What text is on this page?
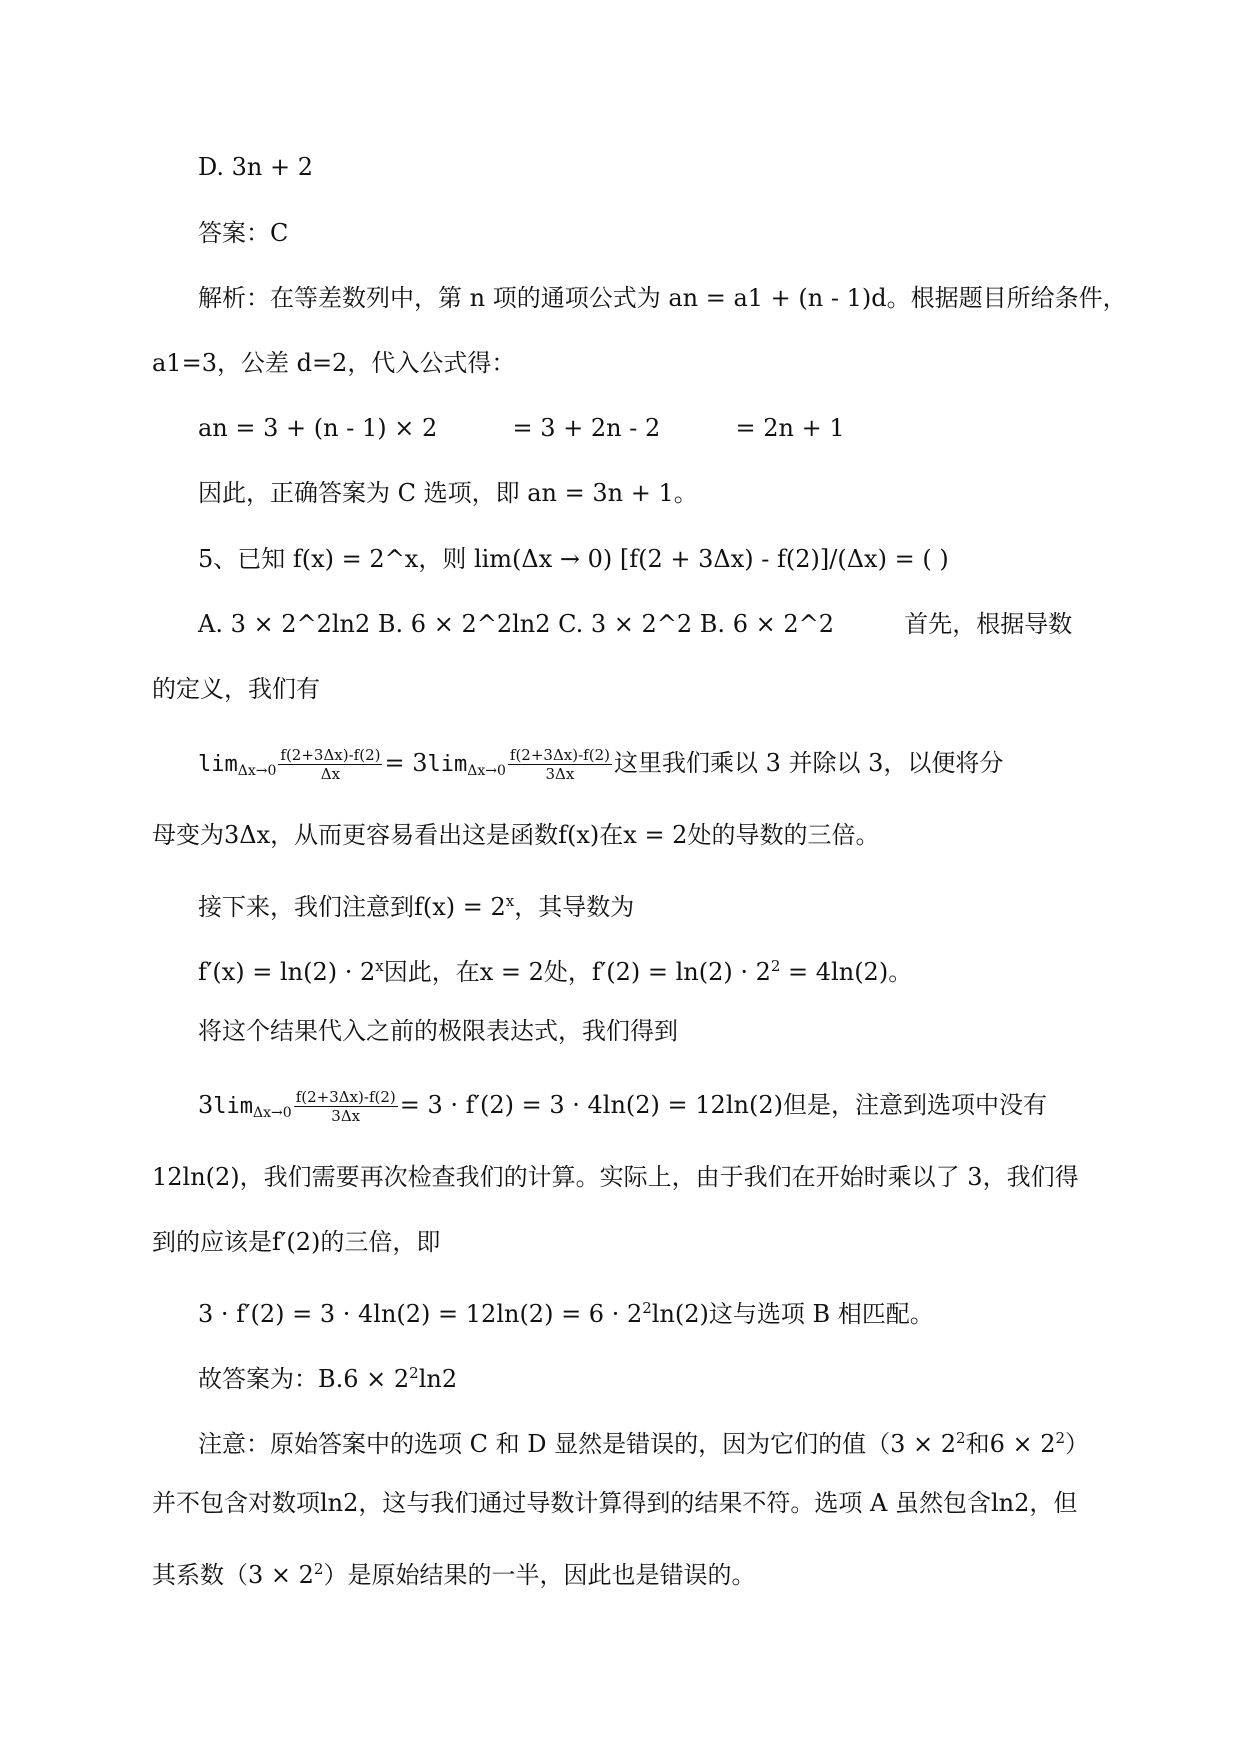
D. 3n + 2
答案：C
解析：在等差数列中，第 n 项的通项公式为 an = a1 + (n - 1)d。根据题目所给条件，
a1=3，公差 d=2，代入公式得：
an = 3 + (n - 1) × 2	= 3 + 2n - 2	= 2n + 1
因此，正确答案为 C 选项，即 an = 3n + 1。
5、已知 f(x) = 2^x，则 lim(Δx → 0) [f(2 + 3Δx) - f(2)]/(Δx) = ( )
A. 3 × 2^2ln2 B. 6 × 2^2ln2 C. 3 × 2^2 B. 6 × 2^2	首先，根据导数
的定义，我们有
$\lim_{\Delta x\to 0} \frac{f(2+3\Delta x)-f(2)}{\Delta x} = 3\lim_{\Delta x\to 0} \frac{f(2+3\Delta x)-f(2)}{3\Delta x}$ 这里我们乘以 3 并除以 3，以便将分
母变为3Δx，从而更容易看出这是函数f(x)在x = 2处的导数的三倍。
接下来，我们注意到$f(x) = 2^x$，其导数为
$f'(x) = \ln(2) \cdot 2^x$因此，在x = 2处，$f'(2) = \ln(2) \cdot 2^2 = 4\ln(2)$。
将这个结果代入之前的极限表达式，我们得到
$3\lim_{\Delta x\to 0} \frac{f(2+3\Delta x)-f(2)}{3\Delta x} = 3 \cdot f'(2) = 3 \cdot 4\ln(2) = 12\ln(2)$但是，注意到选项中没有
12ln(2)，我们需要再次检查我们的计算。实际上，由于我们在开始时乘以了 3，我们得
到的应该是f′(2)的三倍，即
$3 \cdot f'(2) = 3 \cdot 4\ln(2) = 12\ln(2) = 6 \cdot 2^2\ln(2)$这与选项 B 相匹配。
故答案为：$B.6 \times 2^2\ln 2$
注意：原始答案中的选项 C 和 D 显然是错误的，因为它们的值（$3 \times 2^2$和$6 \times 2^2$）
并不包含对数项ln2，这与我们通过导数计算得到的结果不符。选项 A 虽然包含ln2，但
其系数$(3 \times 2^2)$是原始结果的一半，因此也是错误的。
